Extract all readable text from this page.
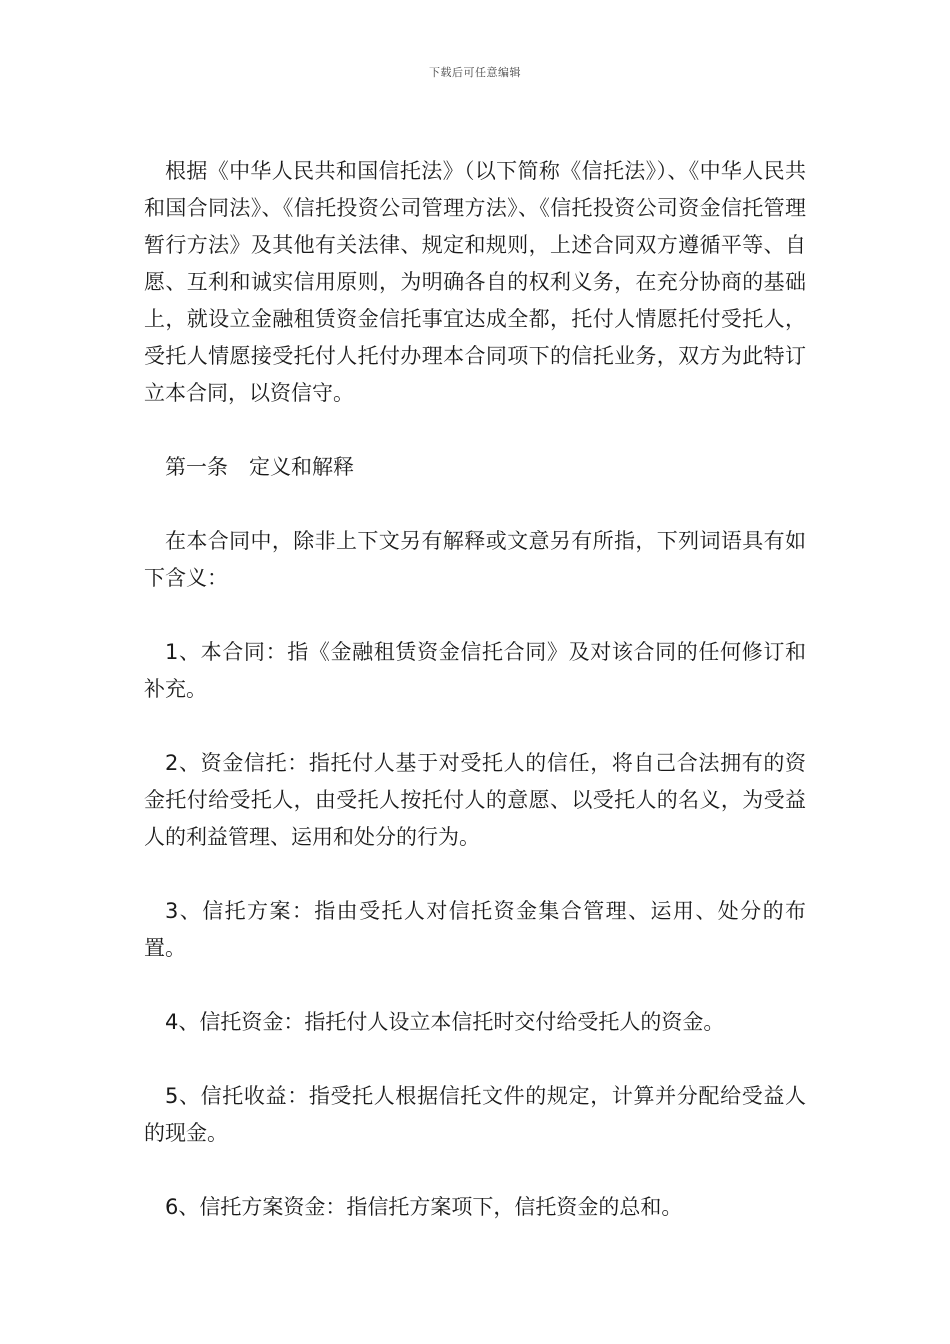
下载后可任意编辑

根据《中华人民共和国信托法》（以下简称《信托法》）、《中华人民共和国合同法》、《信托投资公司管理方法》、《信托投资公司资金信托管理暂行方法》及其他有关法律、规定和规则，上述合同双方遵循平等、自愿、互利和诚实信用原则，为明确各自的权利义务，在充分协商的基础上，就设立金融租赁资金信托事宜达成全都，托付人情愿托付受托人，受托人情愿接受托付人托付办理本合同项下的信托业务，双方为此特订立本合同，以资信守。

第一条 定义和解释

在本合同中，除非上下文另有解释或文意另有所指，下列词语具有如下含义：

1、本合同：指《金融租赁资金信托合同》及对该合同的任何修订和补充。

2、资金信托：指托付人基于对受托人的信任，将自己合法拥有的资金托付给受托人，由受托人按托付人的意愿、以受托人的名义，为受益人的利益管理、运用和处分的行为。

3、信托方案：指由受托人对信托资金集合管理、运用、处分的布置。

4、信托资金：指托付人设立本信托时交付给受托人的资金。

5、信托收益：指受托人根据信托文件的规定，计算并分配给受益人的现金。

6、信托方案资金：指信托方案项下，信托资金的总和。
